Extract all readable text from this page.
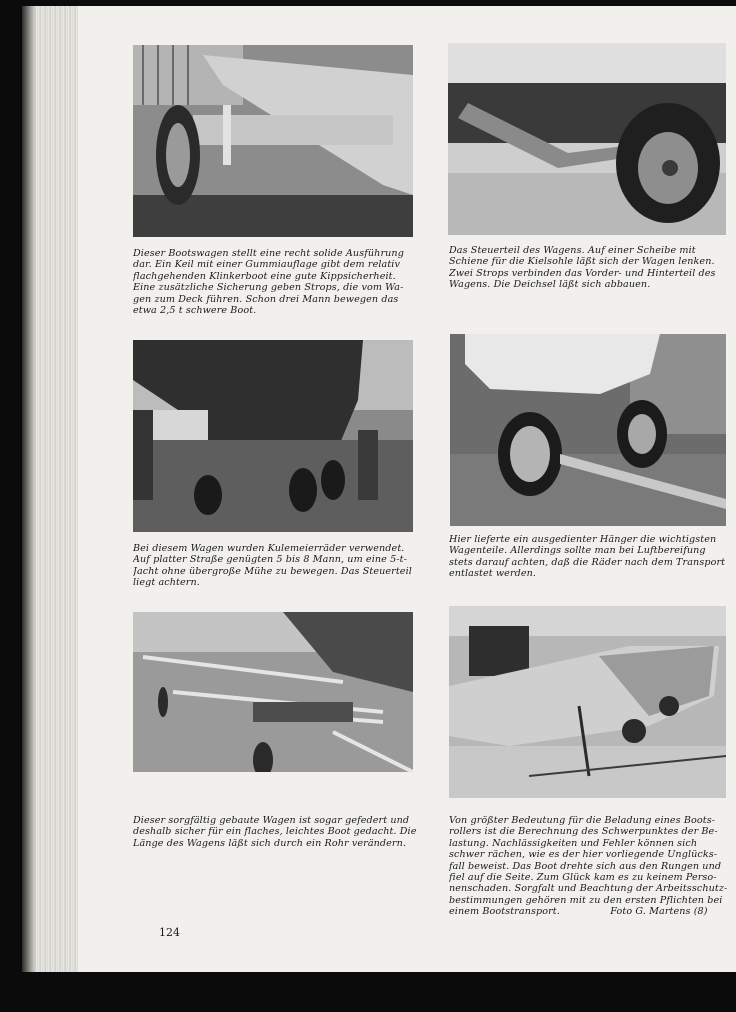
Dieser Bootswagen stellt eine recht solide Ausführung
dar. Ein Keil mit einer Gummiauflage gibt dem relativ
flachgehenden Klinkerboot eine gute Kippsicherheit.
Eine zusätzliche Sicherung geben Strops, die vom Wa-
gen zum Deck führen. Schon drei Mann bewegen das
etwa 2,5 t schwere Boot.
Das Steuerteil des Wagens. Auf einer Scheibe mit
Schiene für die Kielsohle läßt sich der Wagen lenken.
Zwei Strops verbinden das Vorder- und Hinterteil des
Wagens. Die Deichsel läßt sich abbauen.
Bei diesem Wagen wurden Kulemeierräder verwendet.
Auf platter Straße genügten 5 bis 8 Mann, um eine 5-t-
Jacht ohne übergroße Mühe zu bewegen. Das Steuerteil
liegt achtern.
Hier lieferte ein ausgedienter Hänger die wichtigsten
Wagenteile. Allerdings sollte man bei Luftbereifung
stets darauf achten, daß die Räder nach dem Transport
entlastet werden.
Dieser sorgfältig gebaute Wagen ist sogar gefedert und
deshalb sicher für ein flaches, leichtes Boot gedacht. Die
Länge des Wagens läßt sich durch ein Rohr verändern.
Von größter Bedeutung für die Beladung eines Boots-
rollers ist die Berechnung des Schwerpunktes der Be-
lastung. Nachlässigkeiten und Fehler können sich
schwer rächen, wie es der hier vorliegende Unglücks-
fall beweist. Das Boot drehte sich aus den Rungen und
fiel auf die Seite. Zum Glück kam es zu keinem Perso-
nenschaden. Sorgfalt und Beachtung der Arbeitsschutz-
bestimmungen gehören mit zu den ersten Pflichten bei
einem Bootstransport.                Foto G. Martens (8)
124
